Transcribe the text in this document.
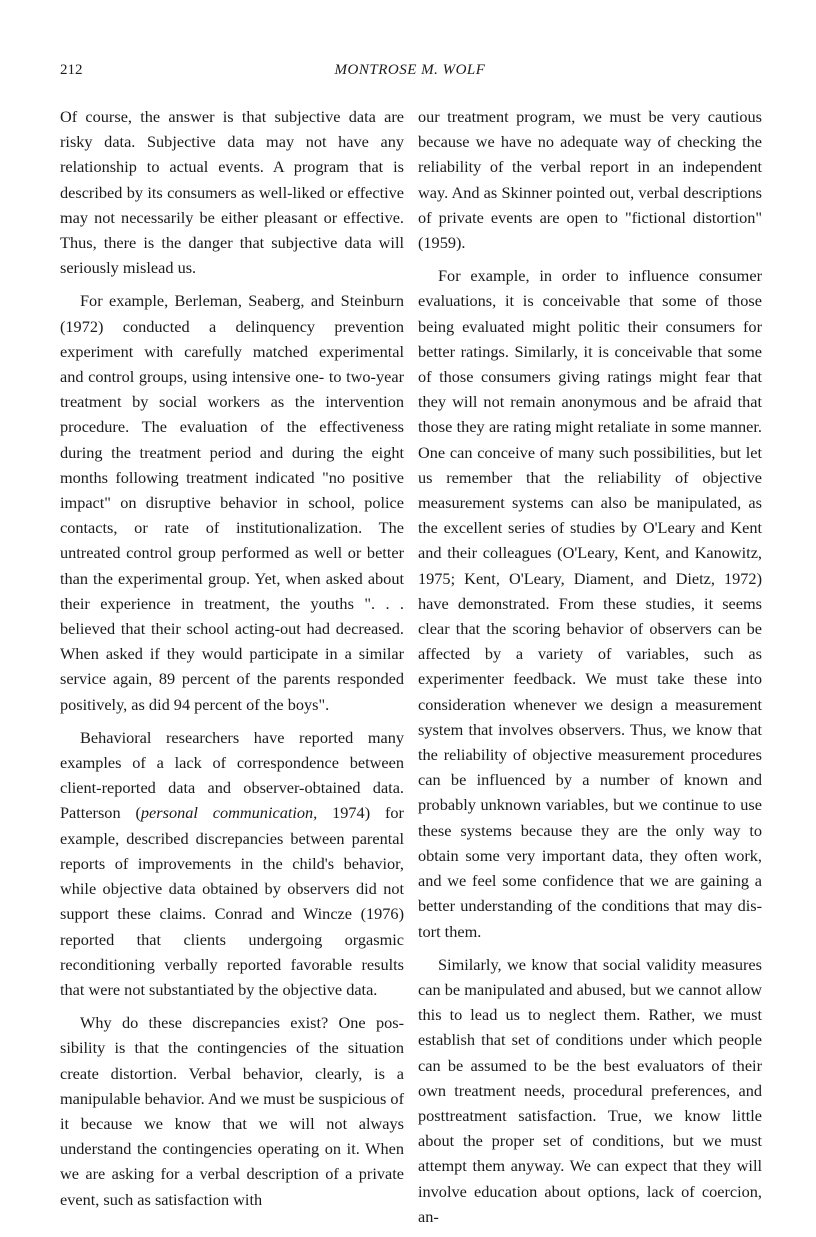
212	MONTROSE M. WOLF

Of course, the answer is that subjective data are risky data. Subjective data may not have any relationship to actual events. A program that is described by its consumers as well-liked or effective may not necessarily be either pleasant or effective. Thus, there is the danger that subjective data will seriously mislead us.

For example, Berleman, Seaberg, and Steinburn (1972) conducted a delinquency prevention experiment with carefully matched experimental and control groups, using intensive one- to two-year treatment by social workers as the intervention procedure. The evaluation of the effectiveness during the treatment period and during the eight months following treatment indicated "no positive impact" on disruptive behavior in school, police contacts, or rate of institutionalization. The untreated control group performed as well or better than the experimental group. Yet, when asked about their experience in treatment, the youths ". . . believed that their school acting-out had decreased. When asked if they would participate in a similar service again, 89 percent of the parents responded positively, as did 94 percent of the boys".

Behavioral researchers have reported many examples of a lack of correspondence between client-reported data and observer-obtained data. Patterson (personal communication, 1974) for example, described discrepancies between parental reports of improvements in the child's behavior, while objective data obtained by observers did not support these claims. Conrad and Wincze (1976) reported that clients undergoing orgasmic reconditioning verbally reported favorable results that were not substantiated by the objective data.

Why do these discrepancies exist? One possibility is that the contingencies of the situation create distortion. Verbal behavior, clearly, is a manipulable behavior. And we must be suspicious of it because we know that we will not always understand the contingencies operating on it. When we are asking for a verbal description of a private event, such as satisfaction with

our treatment program, we must be very cautious because we have no adequate way of checking the reliability of the verbal report in an independent way. And as Skinner pointed out, verbal descriptions of private events are open to "fictional distortion" (1959).

For example, in order to influence consumer evaluations, it is conceivable that some of those being evaluated might politic their consumers for better ratings. Similarly, it is conceivable that some of those consumers giving ratings might fear that they will not remain anonymous and be afraid that those they are rating might retaliate in some manner. One can conceive of many such possibilities, but let us remember that the reliability of objective measurement systems can also be manipulated, as the excellent series of studies by O'Leary and Kent and their colleagues (O'Leary, Kent, and Kanowitz, 1975; Kent, O'Leary, Diament, and Dietz, 1972) have demonstrated. From these studies, it seems clear that the scoring behavior of observers can be affected by a variety of variables, such as experimenter feedback. We must take these into consideration whenever we design a measurement system that involves observers. Thus, we know that the reliability of objective measurement procedures can be influenced by a number of known and probably unknown variables, but we continue to use these systems because they are the only way to obtain some very important data, they often work, and we feel some confidence that we are gaining a better understanding of the conditions that may distort them.

Similarly, we know that social validity measures can be manipulated and abused, but we cannot allow this to lead us to neglect them. Rather, we must establish that set of conditions under which people can be assumed to be the best evaluators of their own treatment needs, procedural preferences, and posttreatment satisfaction. True, we know little about the proper set of conditions, but we must attempt them anyway. We can expect that they will involve education about options, lack of coercion, an-
